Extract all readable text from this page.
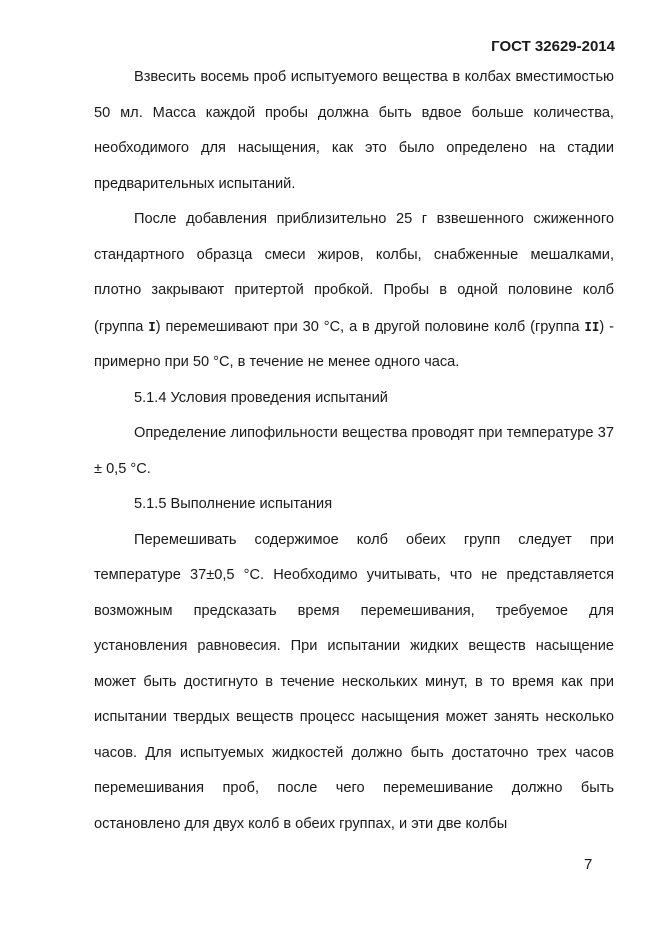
ГОСТ 32629-2014

Взвесить восемь проб испытуемого вещества в колбах вместимостью 50 мл. Масса каждой пробы должна быть вдвое больше количества, необходимого для насыщения, как это было определено на стадии предварительных испытаний.

После добавления приблизительно 25 г взвешенного сжиженного стандартного образца смеси жиров, колбы, снабженные мешалками, плотно закрывают притертой пробкой. Пробы в одной половине колб (группа I) перемешивают при 30 °C, а в другой половине колб (группа II) - примерно при 50 °C, в течение не менее одного часа.

5.1.4 Условия проведения испытаний

Определение липофильности вещества проводят при температуре 37 ± 0,5 °C.

5.1.5 Выполнение испытания

Перемешивать содержимое колб обеих групп следует при температуре 37±0,5 °C. Необходимо учитывать, что не представляется возможным предсказать время перемешивания, требуемое для установления равновесия. При испытании жидких веществ насыщение может быть достигнуто в течение нескольких минут, в то время как при испытании твердых веществ процесс насыщения может занять несколько часов. Для испытуемых жидкостей должно быть достаточно трех часов перемешивания проб, после чего перемешивание должно быть остановлено для двух колб в обеих группах, и эти две колбы

7
